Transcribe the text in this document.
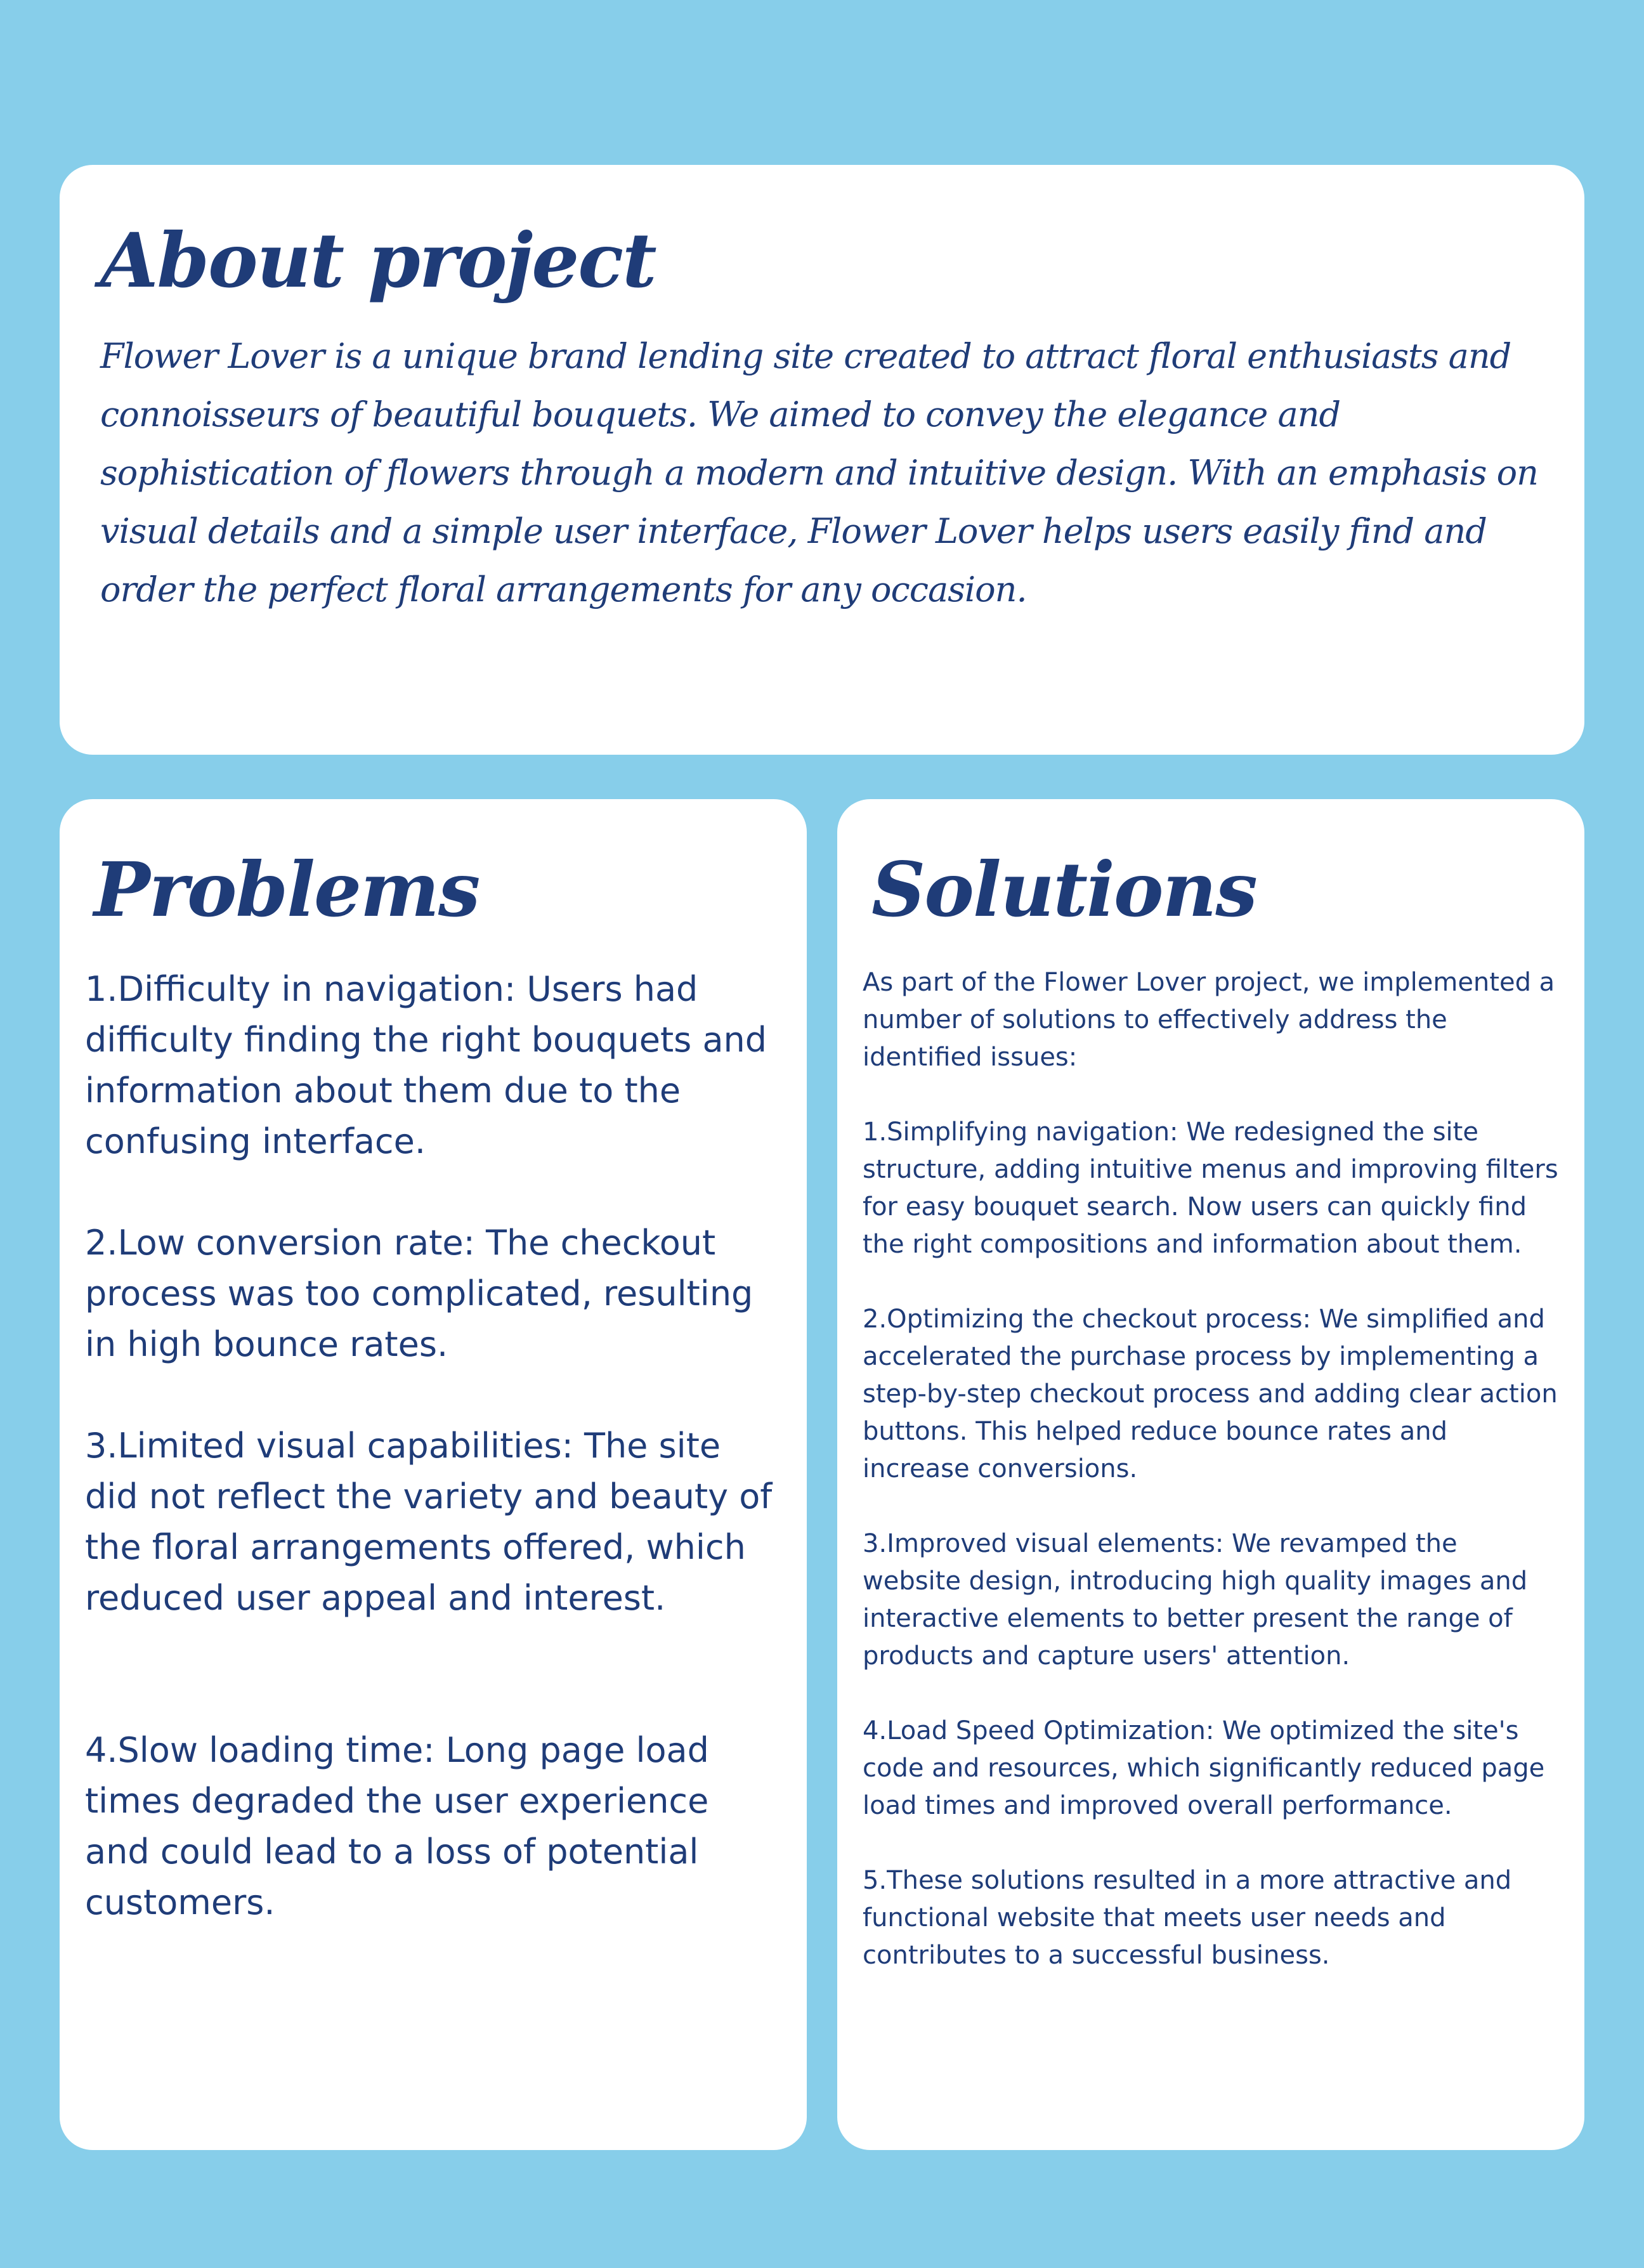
About project

Flower Lover is a unique brand lending site created to attract floral enthusiasts and connoisseurs of beautiful bouquets. We aimed to convey the elegance and sophistication of flowers through a modern and intuitive design. With an emphasis on visual details and a simple user interface, Flower Lover helps users easily find and order the perfect floral arrangements for any occasion.

Problems

1.Difficulty in navigation: Users had difficulty finding the right bouquets and information about them due to the confusing interface.

2.Low conversion rate: The checkout process was too complicated, resulting in high bounce rates.

3.Limited visual capabilities: The site did not reflect the variety and beauty of the floral arrangements offered, which reduced user appeal and interest.

4.Slow loading time: Long page load times degraded the user experience and could lead to a loss of potential customers.

Solutions

As part of the Flower Lover project, we implemented a number of solutions to effectively address the identified issues:

1.Simplifying navigation: We redesigned the site structure, adding intuitive menus and improving filters for easy bouquet search. Now users can quickly find the right compositions and information about them.

2.Optimizing the checkout process: We simplified and accelerated the purchase process by implementing a step-by-step checkout process and adding clear action buttons. This helped reduce bounce rates and increase conversions.

3.Improved visual elements: We revamped the website design, introducing high quality images and interactive elements to better present the range of products and capture users' attention.

4.Load Speed Optimization: We optimized the site's code and resources, which significantly reduced page load times and improved overall performance.

5.These solutions resulted in a more attractive and functional website that meets user needs and contributes to a successful business.
